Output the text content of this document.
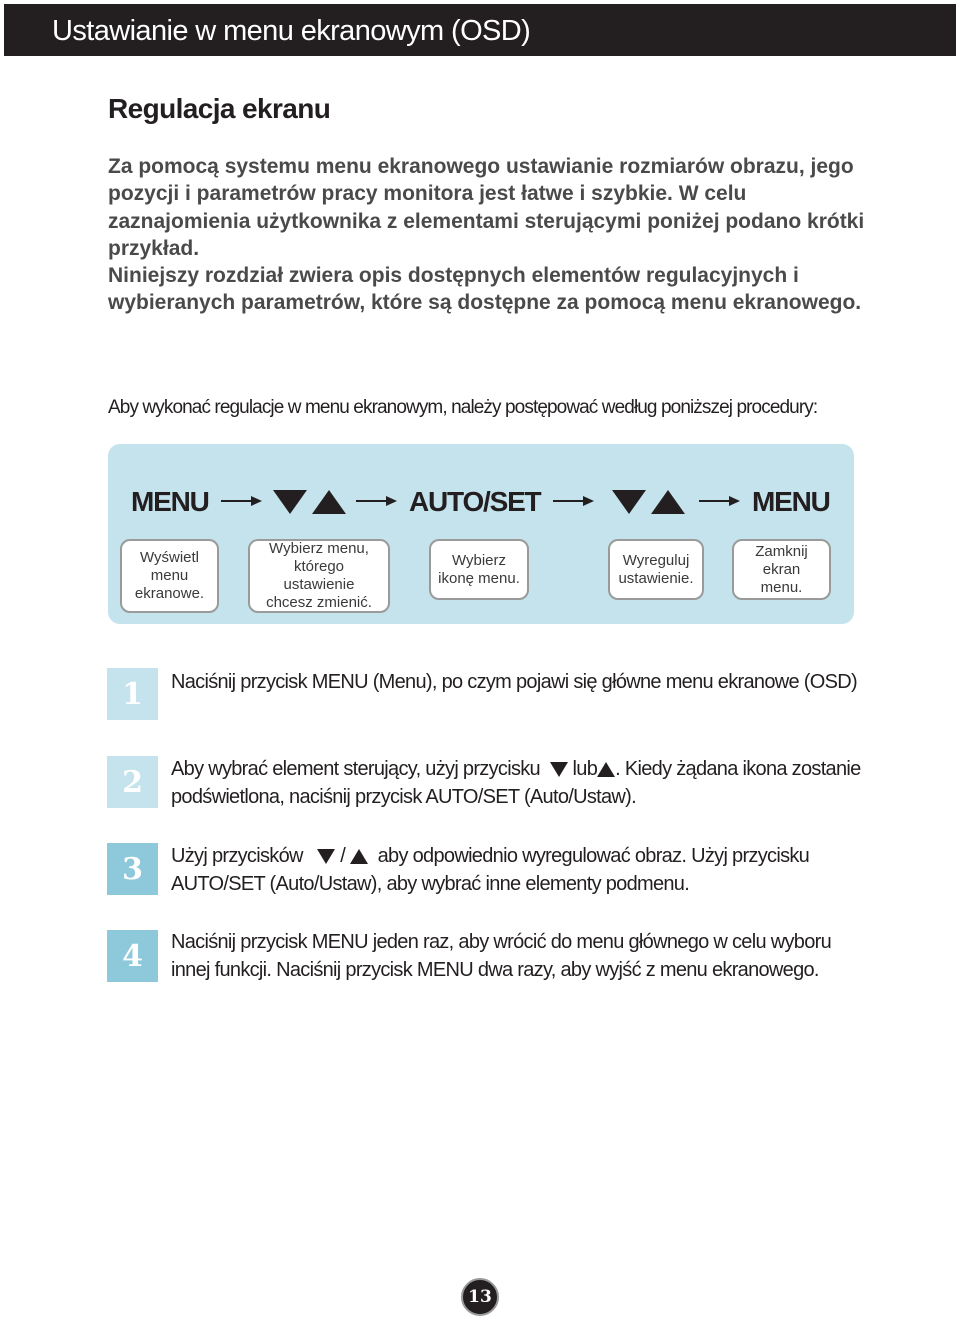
Ustawianie w menu ekranowym (OSD)
Regulacja ekranu

Za pomocą systemu menu ekranowego ustawianie rozmiarów obrazu, jego pozycji i parametrów pracy monitora jest łatwe i szybkie. W celu zaznajomienia użytkownika z elementami sterującymi poniżej podano krótki przykład.

Niniejszy rozdział zwiera opis dostępnych elementów regulacyjnych i wybieranych parametrów, które są dostępne za pomocą menu ekranowego.

Aby wykonać regulacje w menu ekranowym, należy postępować według poniższej procedury:
MENU	AUTO/SET	MENU
Wyświetl menu ekranowe.
Wybierz menu, którego ustawienie chcesz zmienić.
Wybierz ikonę menu.
Wyreguluj ustawienie.
Zamknij ekran menu.
1	Naciśnij przycisk MENU (Menu), po czym pojawi się główne menu ekranowe (OSD)
2	Aby wybrać element sterujący, użyj przycisku lub . Kiedy żądana ikona zostanie podświetlona, naciśnij przycisk AUTO/SET (Auto/Ustaw).
3	Użyj przycisków / aby odpowiednio wyregulować obraz. Użyj przycisku AUTO/SET (Auto/Ustaw), aby wybrać inne elementy podmenu.
4	Naciśnij przycisk MENU jeden raz, aby wrócić do menu głównego w celu wyboru innej funkcji. Naciśnij przycisk MENU dwa razy, aby wyjść z menu ekranowego.
13
